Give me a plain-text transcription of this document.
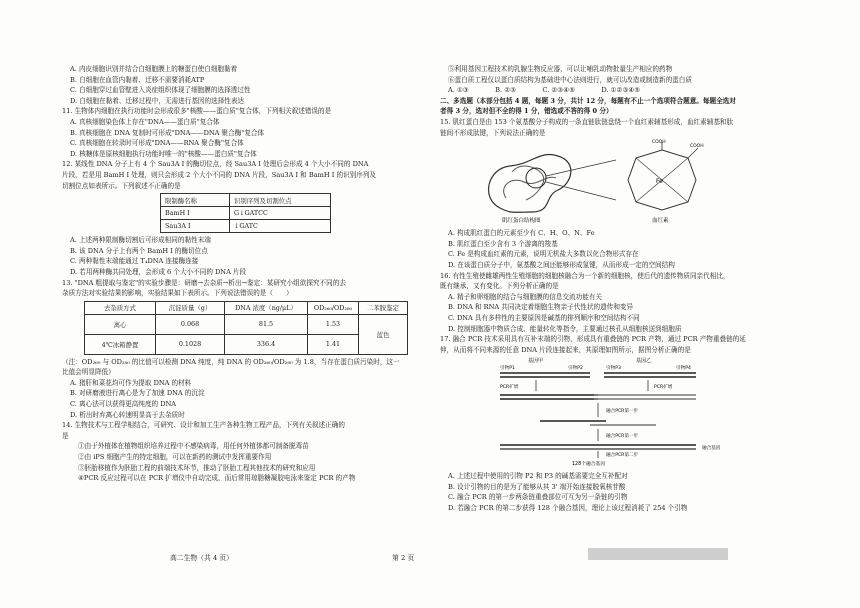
A. 内皮细胞识别并结合白细胞膜上的糖蛋白使白细胞黏着
B. 白细胞在血管内黏着、迁移不需要消耗ATP
C. 白细胞穿过血管壁进入炎症组织体现了细胞膜的选择透过性
D. 白细胞在黏着、迁移过程中，无需进行基因的选择性表达
11. 生物体内细胞在执行功能时会形成很多"核酸——蛋白质"复合体，下列相关叙述错误的是
A. 真核细胞染色体上存在"DNA——蛋白质"复合体
B. 真核细胞在 DNA 复制时可形成"DNA——DNA 聚合酶"复合体
C. 真核细胞在转录时可形成"DNA——RNA 聚合酶"复合体
D. 核糖体是原核细胞执行功能时唯一的"核酸——蛋白质"复合体
12. 某线性 DNA 分子上有 4 个 Sau3A Ⅰ 的酶切位点，经 Sau3A Ⅰ 处理后会形成 4 个大小不同的 DNA
片段，若是用 BamH Ⅰ 处理，则只会形成 2 个大小不同的 DNA 片段，Sau3A Ⅰ 和 BamH Ⅰ 的识别序列及
切割位点如表所示。下列叙述不正确的是
限制酶名称	识别序列及切割位点
BamH Ⅰ	G↓GATCC
Sau3A Ⅰ	↓GATC
A. 上述两种限制酶切割后可形成相同的黏性末端
B. 该 DNA 分子上有两个 BamH Ⅰ 的酶切位点
C. 两种黏性末端能通过 T₄DNA 连接酶连接
D. 若用两种酶共同处理，会形成 6 个大小不同的 DNA 片段
13. "DNA 粗提取与鉴定"的实验步骤是：研磨→去杂质→析出→鉴定：某研究小组欲探究不同的去
杂质方法对实验结果的影响，实验结果如下表所示。下列说法错误的是（　　）
去杂质方式	沉淀质量（g）	DNA 浓度（ng/μL）	OD₂₆₀/OD₂₈₀	二苯胺鉴定
离心	0.068	81.5	1.53	蓝色
4℃冰箱静置	0.1028	336.4	1.41	
（注：OD₂₆₀ 与 OD₂₈₀ 的比值可以检测 DNA 纯度，纯 DNA 的 OD₂₆₀/OD₂₈₀ 为 1.8，当存在蛋白质污染时，这一
比值会明显降低）
A. 猪肝和菜花均可作为提取 DNA 的材料
B. 对研磨液进行离心是为了加速 DNA 的沉淀
C. 离心法可以获得更高纯度的 DNA
D. 析出时弃离心转速明显高于去杂质时
14. 生物技术与工程学相结合，可研究、设计和加工生产各种生物工程产品，下列有关叙述正确的
是
①由于外植体在植物组织培养过程中不感染病毒，用任何外植体都可制备脱毒苗
②由 iPS 细胞产生的特定细胞，可以在新药的测试中发挥重要作用
③胚胎移植作为胚胎工程的前端技术环节，推动了胚胎工程其他技术的研究和应用
④PCR 反应过程可以在 PCR 扩增仪中自动完成，而后常用琼脂糖凝胶电泳来鉴定 PCR 的产物
⑤利用基因工程技术的乳腺生物反应器，可以让哺乳动物批量生产相应的药物
⑥蛋白质工程仅以蛋白质结构为基础进中心法则进行，就可以改造或制造新的蛋白质
A. ①③　　　　B. ②③　　　　C. ②③④⑤　　　　D. ①②③④⑤
二、多选题（本部分包括 4 题，每题 3 分，共计 12 分，每题有不止一个选项符合题意。每题全选对
者得 3 分，选对但不全的得 1 分，错选或不答的得 0 分）
15. 肌红蛋白是由 153 个氨基酸分子构成的一条直链肽链盘绕一个血红素辅基形成，血红素辅基和肽
链间不形成肽键，下列说法正确的是
Fe
COOH
COOH
肌红蛋白结构图	血红素
A. 构成肌红蛋白的元素至少有 C、H、O、N、Fe
B. 肌红蛋白至少含有 3 个游离的羧基
C. Fe 是构成血红素的元素，说明无机盐大多数以化合物形式存在
D. 在该蛋白质分子中，氨基酸之间还能够形成氢键，从而形成一定的空间结构
16. 有性生殖使雌雄两性生殖细胞的细胞核融合为一个新的细胞核，使后代的遗传物质同亲代相比，
既有继承，又有变化。下列分析正确的是
A. 精子和卵细胞的结合与细胞膜的信息交流功能有关
B. DNA 和 RNA 共同决定着细胞生物亲子代性状的遗传和变异
C. DNA 具有多样性的主要原因是碱基的排列顺序和空间结构不同
D. 控制细胞器中物质合成、能量转化等指令，主要通过核孔从细胞核送到细胞质
17. 融合 PCR 技术采用具有互补末端的引物，形成具有重叠链的 PCR 产物，通过 PCR 产物重叠链的延
伸，从而将不同来源的任意 DNA 片段连接起来，其原理如图所示，据图分析正确的是
基因甲	基因乙
引物P1	引物P2	引物P3	引物P4
PCR扩增	PCR扩增
融合PCR第一步
融合PCR第一步
融合基因
融合PCR第二步
128个融合基因
A. 上述过程中使用的引物 P2 和 P3 的碱基需要完全互补配对
B. 设计引物的目的是为了能够从其 3' 端开始连接脱氧核苷酸
C. 融合 PCR 的第一步两条链重叠部位可互为另一条链的引物
D. 若融合 PCR 的第二步获得 128 个融合基因，理论上该过程消耗了 254 个引物
高二生物（共 4 页）	第 2 页
